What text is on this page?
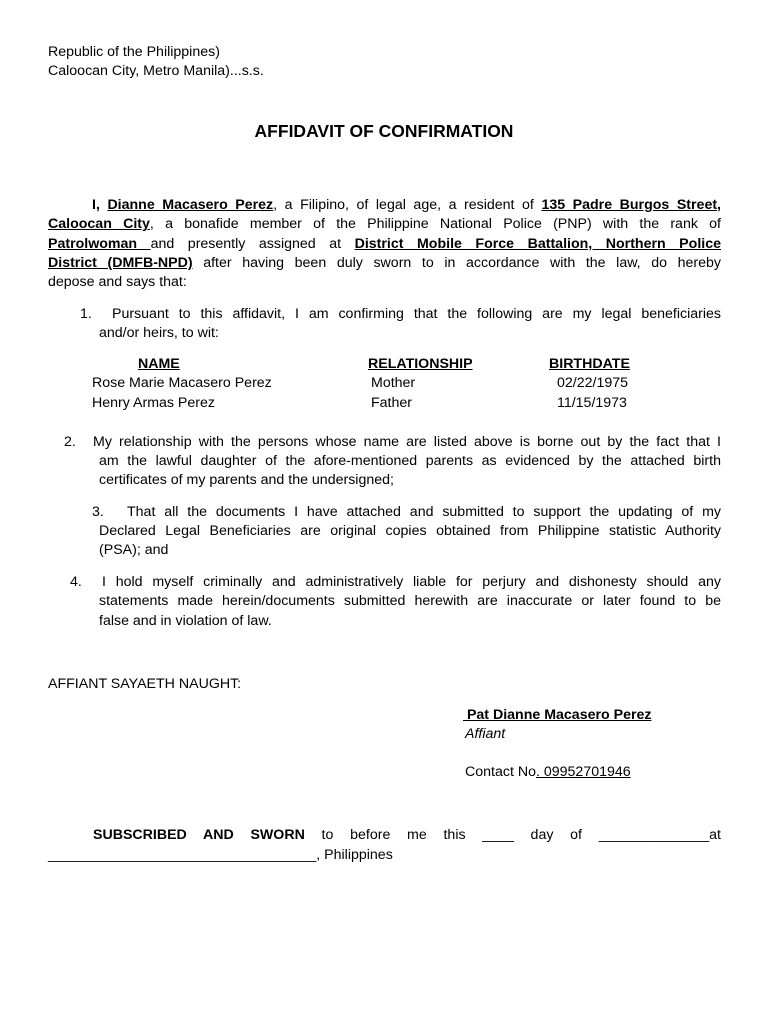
Republic of the Philippines)
Caloocan City, Metro Manila)...s.s.
AFFIDAVIT OF CONFIRMATION
I, Dianne Macasero Perez, a Filipino, of legal age, a resident of 135 Padre Burgos Street,
Caloocan City, a bonafide member of the Philippine National Police (PNP) with the rank of
Patrolwoman and presently assigned at District Mobile Force Battalion, Northern Police
District (DMFB-NPD) after having been duly sworn to in accordance with the law, do hereby
depose and says that:
1. Pursuant to this affidavit, I am confirming that the following are my legal beneficiaries
and/or heirs, to wit:
NAME	RELATIONSHIP	BIRTHDATE
Rose Marie Macasero Perez	Mother	02/22/1975
Henry Armas Perez	Father	11/15/1973
2. My relationship with the persons whose name are listed above is borne out by the fact that I
am the lawful daughter of the afore-mentioned parents as evidenced by the attached birth
certificates of my parents and the undersigned;
3. That all the documents I have attached and submitted to support the updating of my
Declared Legal Beneficiaries are original copies obtained from Philippine statistic Authority
(PSA); and
4. I hold myself criminally and administratively liable for perjury and dishonesty should any
statements made herein/documents submitted herewith are inaccurate or later found to be
false and in violation of law.
AFFIANT SAYAETH NAUGHT:
Pat Dianne Macasero Perez
Affiant
Contact No. 09952701946
SUBSCRIBED AND SWORN to before me this ____ day of ______________at
__________________________________, Philippines
